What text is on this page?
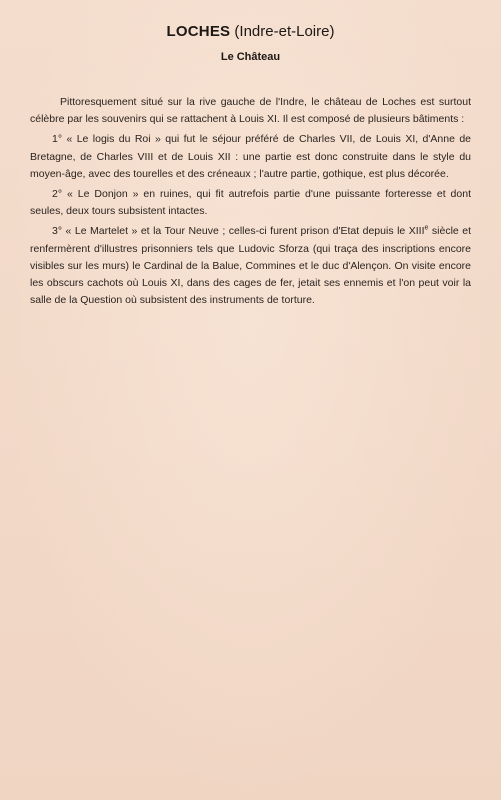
LOCHES (Indre-et-Loire)
Le Château

Pittoresquement situé sur la rive gauche de l'Indre, le château de Loches est surtout célèbre par les souvenirs qui se rattachent à Louis XI. Il est composé de plusieurs bâtiments :

1° « Le logis du Roi » qui fut le séjour préféré de Charles VII, de Louis XI, d'Anne de Bretagne, de Charles VIII et de Louis XII : une partie est donc construite dans le style du moyen-âge, avec des tourelles et des créneaux ; l'autre partie, gothique, est plus décorée.

2° « Le Donjon » en ruines, qui fit autrefois partie d'une puissante forteresse et dont seules, deux tours subsistent intactes.

3° « Le Martelet » et la Tour Neuve ; celles-ci furent prison d'Etat depuis le XIIIe siècle et renfermèrent d'illustres prisonniers tels que Ludovic Sforza (qui traça des inscriptions encore visibles sur les murs) le Cardinal de la Balue, Commines et le duc d'Alençon. On visite encore les obscurs cachots où Louis XI, dans des cages de fer, jetait ses ennemis et l'on peut voir la salle de la Question où subsistent des instruments de torture.
